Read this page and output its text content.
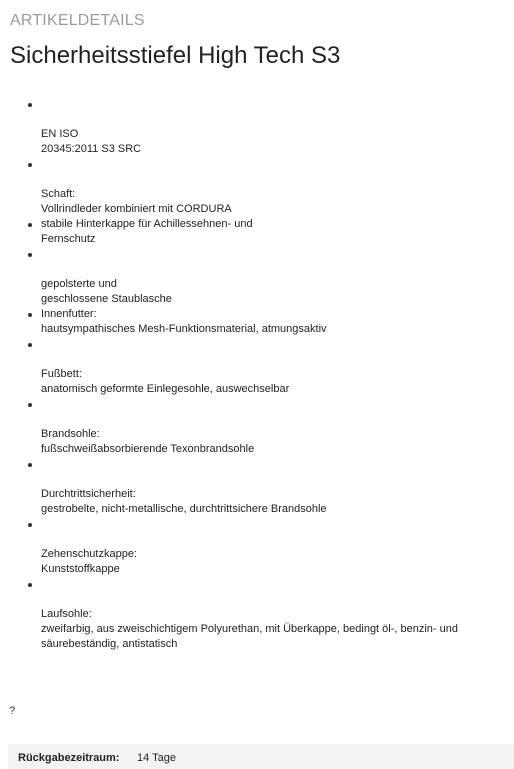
ARTIKELDETAILS
Sicherheitsstiefel High Tech S3
EN ISO
20345:2011 S3 SRC
Schaft:
Vollrindleder kombiniert mit CORDURA
stabile Hinterkappe für Achillessehnen- und
Fernschutz
gepolsterte und
geschlossene Staublasche
Innenfutter:
hautsympathisches Mesh-Funktionsmaterial, atmungsaktiv
Fußbett:
anatomisch geformte Einlegesohle, auswechselbar
Brandsohle:
fußschweißabsorbierende Texonbrandsohle
Durchtrittsicherheit:
gestrobelte, nicht-metallische, durchtrittsichere Brandsohle
Zehenschutzkappe:
Kunststoffkappe
Laufsohle:
zweifarbig, aus zweischichtigem Polyurethan, mit Überkappe, bedingt öl-, benzin- und
säurebeständig, antistatisch
?
Rückgabezeitraum: 14 Tage
